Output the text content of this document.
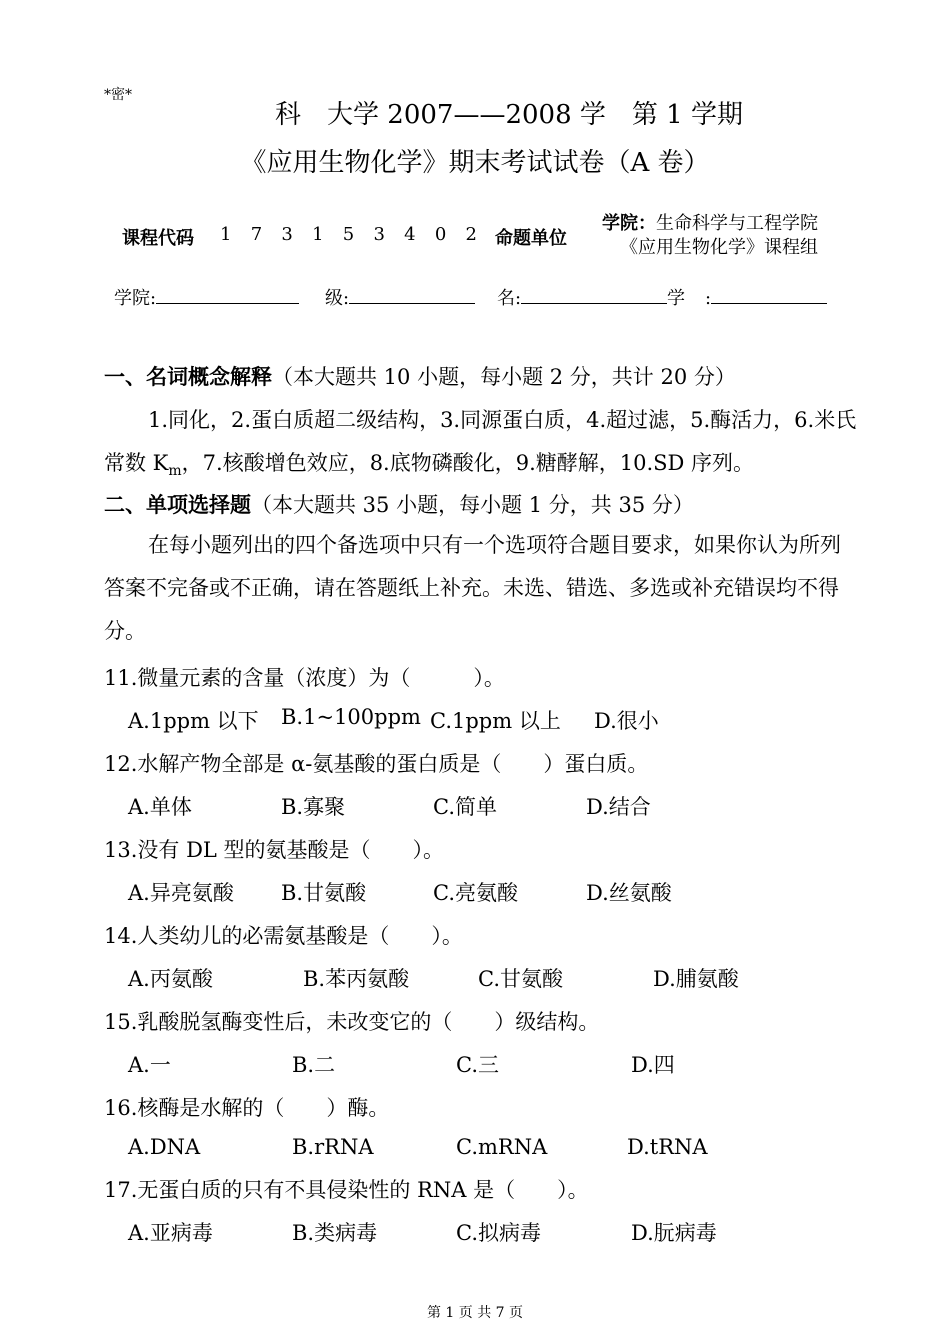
*密*
科　大学 2007——2008 学　第 1 学期
《应用生物化学》期末考试试卷（A 卷）
课程代码 1 7 3 1 5 3 4 0 2	命题单位
学院：生命科学与工程学院
《应用生物化学》课程组
学院:	级:	名:	学 :
一、名词概念解释（本大题共 10 小题，每小题 2 分，共计 20 分）
1.同化，2.蛋白质超二级结构，3.同源蛋白质，4.超过滤，5.酶活力，6.米氏
常数 $K_m$，7.核酸增色效应，8.底物磷酸化，9.糖酵解，10.SD 序列。
二、单项选择题（本大题共 35 小题，每小题 1 分，共 35 分）
在每小题列出的四个备选项中只有一个选项符合题目要求，如果你认为所列答案不完备或不正确，请在答题纸上补充。未选、错选、多选或补充错误均不得分。
11.微量元素的含量（浓度）为（　　　）。
A.1ppm 以下 B.1~100ppm C.1ppm 以上 D.很小
12.水解产物全部是 α-氨基酸的蛋白质是（　　）蛋白质。
A.单体	B.寡聚	C.简单	D.结合
13.没有 DL 型的氨基酸是（　　）。
A.异亮氨酸 B.甘氨酸	C.亮氨酸	D.丝氨酸
14.人类幼儿的必需氨基酸是（　　）。
A.丙氨酸	B.苯丙氨酸	C.甘氨酸	D.脯氨酸
15.乳酸脱氢酶变性后，未改变它的（　　）级结构。
A.一	B.二	C.三	D.四
16.核酶是水解的（　　）酶。
A.DNA	B.rRNA	C.mRNA	D.tRNA
17.无蛋白质的只有不具侵染性的 RNA 是（　　）。
A.亚病毒	B.类病毒	C.拟病毒	D.朊病毒
第 1 页 共 7 页
